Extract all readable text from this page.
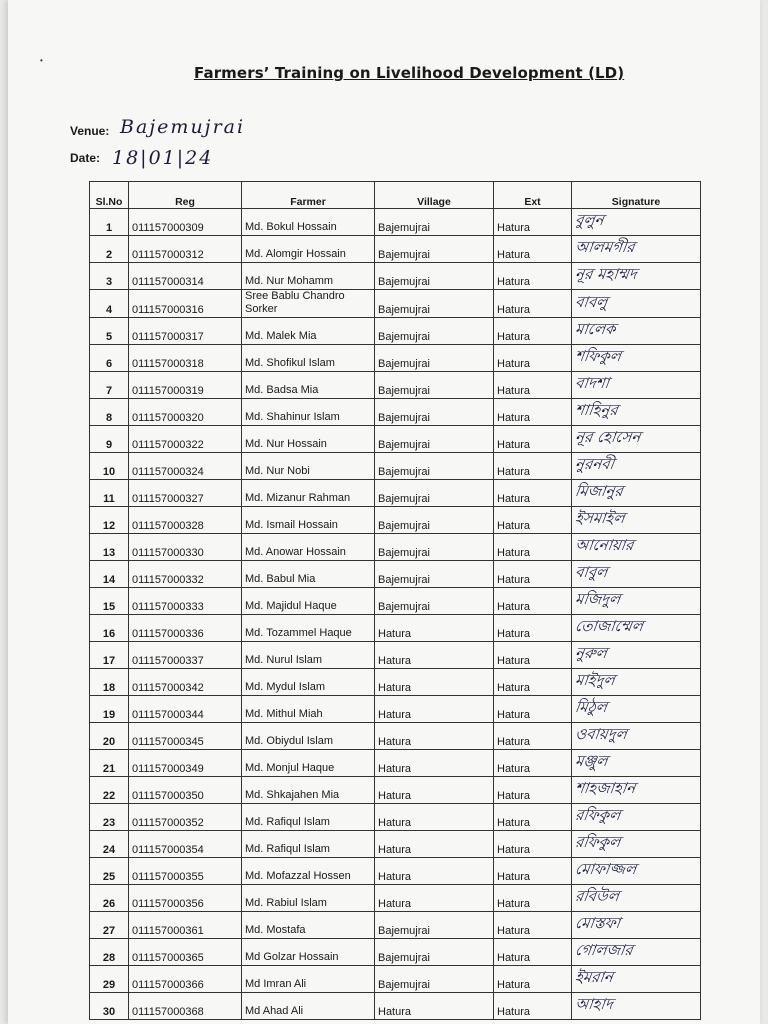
•
Farmers’ Training on Livelihood Development (LD)
Venue: Bajemujrai
Date: 18|01|24
Sl.No	Reg	Farmer	Village	Ext	Signature
1	011157000309	Md. Bokul Hossain	Bajemujrai	Hatura	বুলুন
2	011157000312	Md. Alomgir Hossain	Bajemujrai	Hatura	আলমগীর
3	011157000314	Md. Nur Mohamm	Bajemujrai	Hatura	নূর মহাম্মদ
4	011157000316	Sree Bablu Chandro Sorker	Bajemujrai	Hatura	বাবলু
5	011157000317	Md. Malek Mia	Bajemujrai	Hatura	মালেক
6	011157000318	Md. Shofikul Islam	Bajemujrai	Hatura	শফিকুল
7	011157000319	Md. Badsa Mia	Bajemujrai	Hatura	বাদশা
8	011157000320	Md. Shahinur Islam	Bajemujrai	Hatura	শাহিনুর
9	011157000322	Md. Nur Hossain	Bajemujrai	Hatura	নূর হোসেন
10	011157000324	Md. Nur Nobi	Bajemujrai	Hatura	নুরনবী
11	011157000327	Md. Mizanur Rahman	Bajemujrai	Hatura	মিজানুর
12	011157000328	Md. Ismail Hossain	Bajemujrai	Hatura	ইসমাইল
13	011157000330	Md. Anowar Hossain	Bajemujrai	Hatura	আনোয়ার
14	011157000332	Md. Babul Mia	Bajemujrai	Hatura	বাবুল
15	011157000333	Md. Majidul Haque	Bajemujrai	Hatura	মজিদুল
16	011157000336	Md. Tozammel Haque	Hatura	Hatura	তোজাম্মেল
17	011157000337	Md. Nurul Islam	Hatura	Hatura	নুরুল
18	011157000342	Md. Mydul Islam	Hatura	Hatura	মাইদুল
19	011157000344	Md. Mithul Miah	Hatura	Hatura	মিঠুল
20	011157000345	Md. Obiydul Islam	Hatura	Hatura	ওবায়দুল
21	011157000349	Md. Monjul Haque	Hatura	Hatura	মঞ্জুল
22	011157000350	Md. Shkajahen Mia	Hatura	Hatura	শাহজাহান
23	011157000352	Md. Rafiqul Islam	Hatura	Hatura	রফিকুল
24	011157000354	Md. Rafiqul Islam	Hatura	Hatura	রফিকুল
25	011157000355	Md. Mofazzal Hossen	Hatura	Hatura	মোফাজ্জল
26	011157000356	Md. Rabiul Islam	Hatura	Hatura	রবিউল
27	011157000361	Md. Mostafa	Bajemujrai	Hatura	মোস্তফা
28	011157000365	Md Golzar Hossain	Bajemujrai	Hatura	গোলজার
29	011157000366	Md Imran Ali	Bajemujrai	Hatura	ইমরান
30	011157000368	Md Ahad Ali	Hatura	Hatura	আহাদ
